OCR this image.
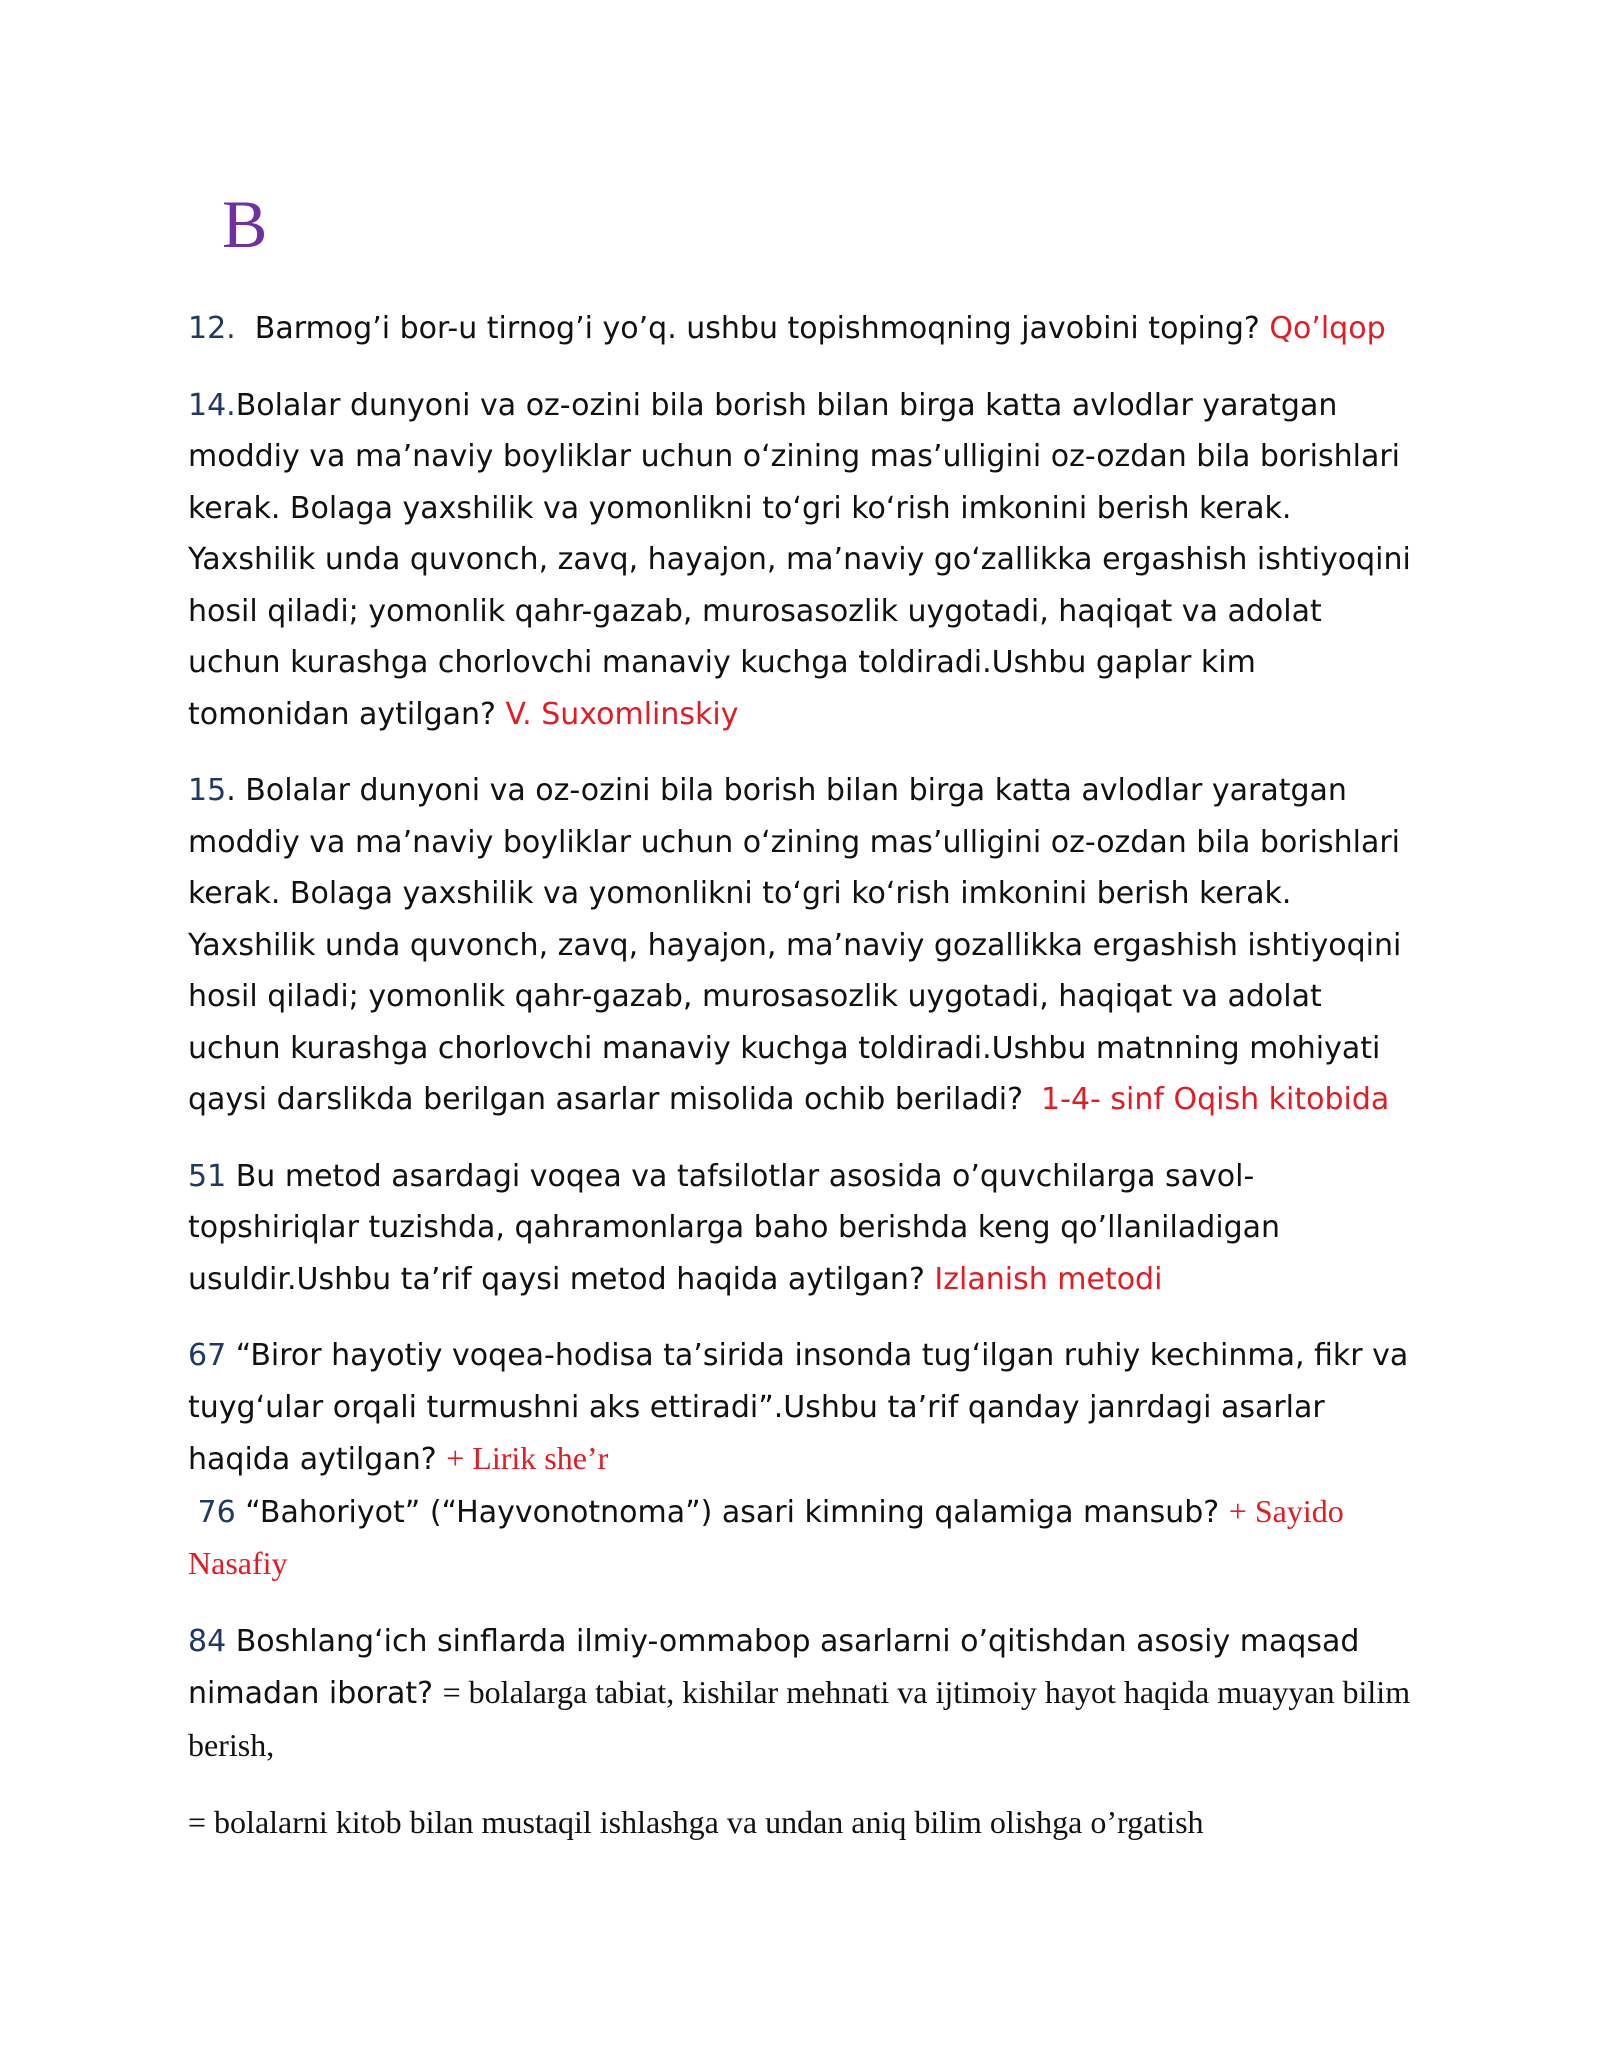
B

12. Barmog’i bor-u tirnog’i yo’q. ushbu topishmoqning javobini toping? Qo’lqop

14.Bolalar dunyoni va oz-ozini bila borish bilan birga katta avlodlar yaratgan moddiy va ma’naviy boyliklar uchun o‘zining mas’ulligini oz-ozdan bila borishlari kerak. Bolaga yaxshilik va yomonlikni to‘gri ko‘rish imkonini berish kerak. Yaxshilik unda quvonch, zavq, hayajon, ma’naviy go‘zallikka ergashish ishtiyoqini hosil qiladi; yomonlik qahr-gazab, murosasozlik uygotadi, haqiqat va adolat uchun kurashga chorlovchi manaviy kuchga toldiradi.Ushbu gaplar kim tomonidan aytilgan? V. Suxomlinskiy

15. Bolalar dunyoni va oz-ozini bila borish bilan birga katta avlodlar yaratgan moddiy va ma’naviy boyliklar uchun o‘zining mas’ulligini oz-ozdan bila borishlari kerak. Bolaga yaxshilik va yomonlikni to‘gri ko‘rish imkonini berish kerak. Yaxshilik unda quvonch, zavq, hayajon, ma’naviy gozallikka ergashish ishtiyoqini hosil qiladi; yomonlik qahr-gazab, murosasozlik uygotadi, haqiqat va adolat uchun kurashga chorlovchi manaviy kuchga toldiradi.Ushbu matnning mohiyati qaysi darslikda berilgan asarlar misolida ochib beriladi? 1-4- sinf Oqish kitobida

51 Bu metod asardagi voqea va tafsilotlar asosida o’quvchilarga savol-topshiriqlar tuzishda, qahramonlarga baho berishda keng qo’llaniladigan usuldir.Ushbu ta’rif qaysi metod haqida aytilgan? Izlanish metodi

67 “Biror hayotiy voqea-hodisa ta’sirida insonda tug‘ilgan ruhiy kechinma, fikr va tuyg‘ular orqali turmushni aks ettiradi”.Ushbu ta’rif qanday janrdagi asarlar haqida aytilgan? + Lirik she’r

76 “Bahoriyot” (“Hayvonotnoma”) asari kimning qalamiga mansub? + Sayido Nasafiy

84 Boshlang‘ich sinflarda ilmiy-ommabop asarlarni o’qitishdan asosiy maqsad nimadan iborat? = bolalarga tabiat, kishilar mehnati va ijtimoiy hayot haqida muayyan bilim berish,

= bolalarni kitob bilan mustaqil ishlashga va undan aniq bilim olishga o’rgatish
